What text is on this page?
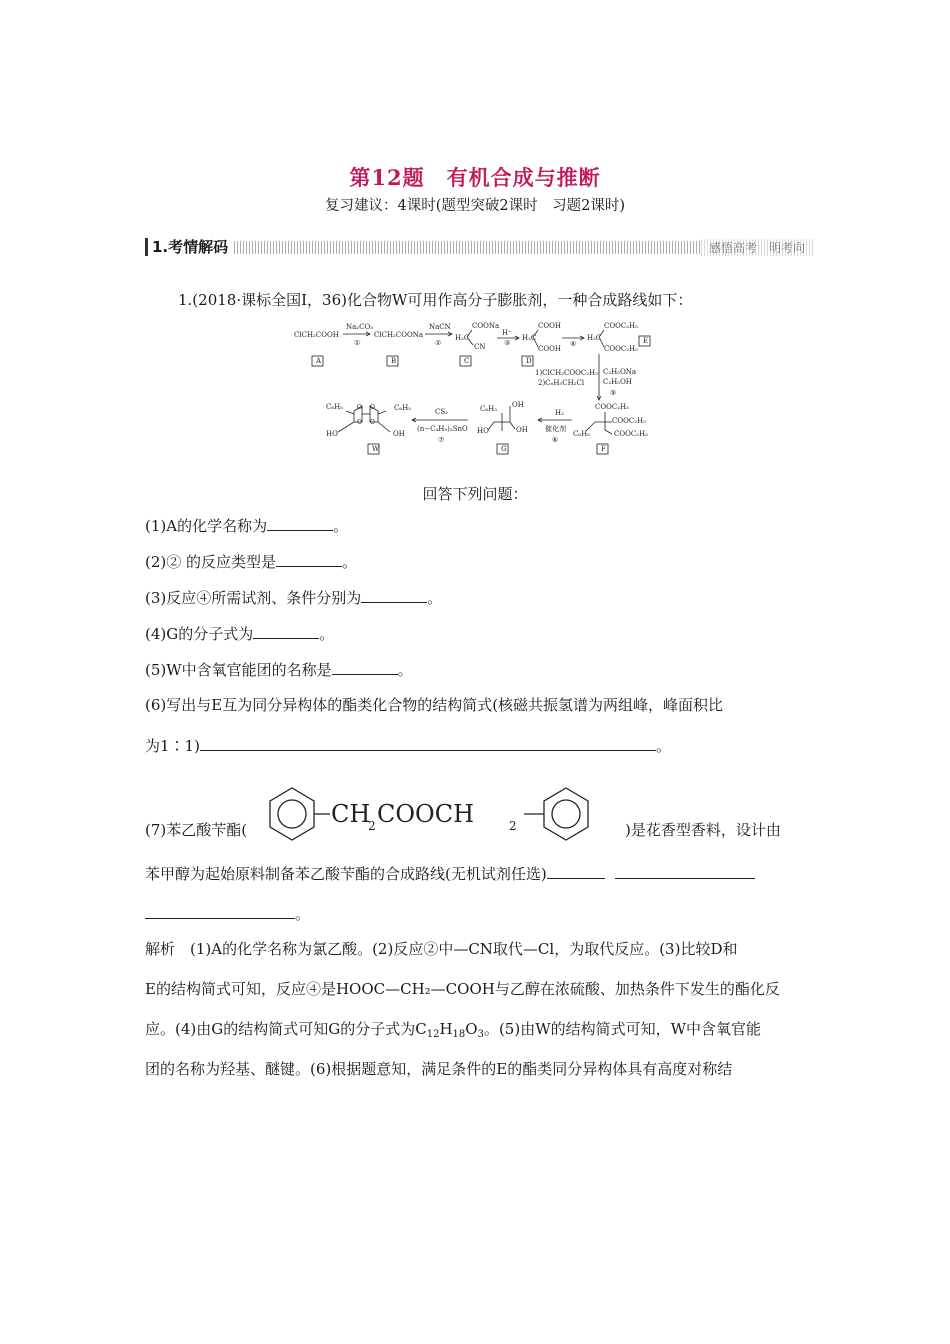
第12题　有机合成与推断
复习建议：4课时(题型突破2课时　习题2课时)
1.考情解码	感悟高考　明考向
1.(2018·课标全国Ⅰ，36)化合物W可用作高分子膨胀剂，一种合成路线如下：
ClCH₂COOH
Na₂CO₃
①
ClCH₂COONa
NaCN
②
COONa
H₂C
CN
H⁺
③
COOH
H₂C
COOH
④
COOC₂H₅
H₂C
COOC₂H₅
1)ClCH₂COOC₂H₅
2)C₆H₅CH₂Cl
C₂H₅ONa
C₂H₅OH
⑤
COOC₂H₅
COOC₂H₅
COOC₂H₅
C₆H₅
H₂
催化剂
⑥
C₆H₅ OH
OH
HO
CS₂
(n−C₄H₉)₂SnO
⑦
C₆H₅	C₆H₅
O O
O O
HO	OH
A	B	C	D
E
F
G
W
回答下列问题：
(1)A的化学名称为	。
(2)② 的反应类型是	。
(3)反应④所需试剂、条件分别为	。
(4)G的分子式为	。
(5)W中含氧官能团的名称是	。
(6)写出与E互为同分异构体的酯类化合物的结构简式(核磁共振氢谱为两组峰，峰面积比
为1∶1)	。
(7)苯乙酸苄酯(
CH
2 COOCH	2	)是花香型香料，设计由
苯甲醇为起始原料制备苯乙酸苄酯的合成路线(无机试剂任选)
。
解析　(1)A的化学名称为氯乙酸。(2)反应②中—CN取代—Cl，为取代反应。(3)比较D和
E的结构简式可知，反应④是HOOC—CH₂—COOH与乙醇在浓硫酸、加热条件下发生的酯化反
应。(4)由G的结构简式可知G的分子式为$C_{12}H_{18}O_3$。(5)由W的结构简式可知，W中含氧官能
团的名称为羟基、醚键。(6)根据题意知，满足条件的E的酯类同分异构体具有高度对称结
